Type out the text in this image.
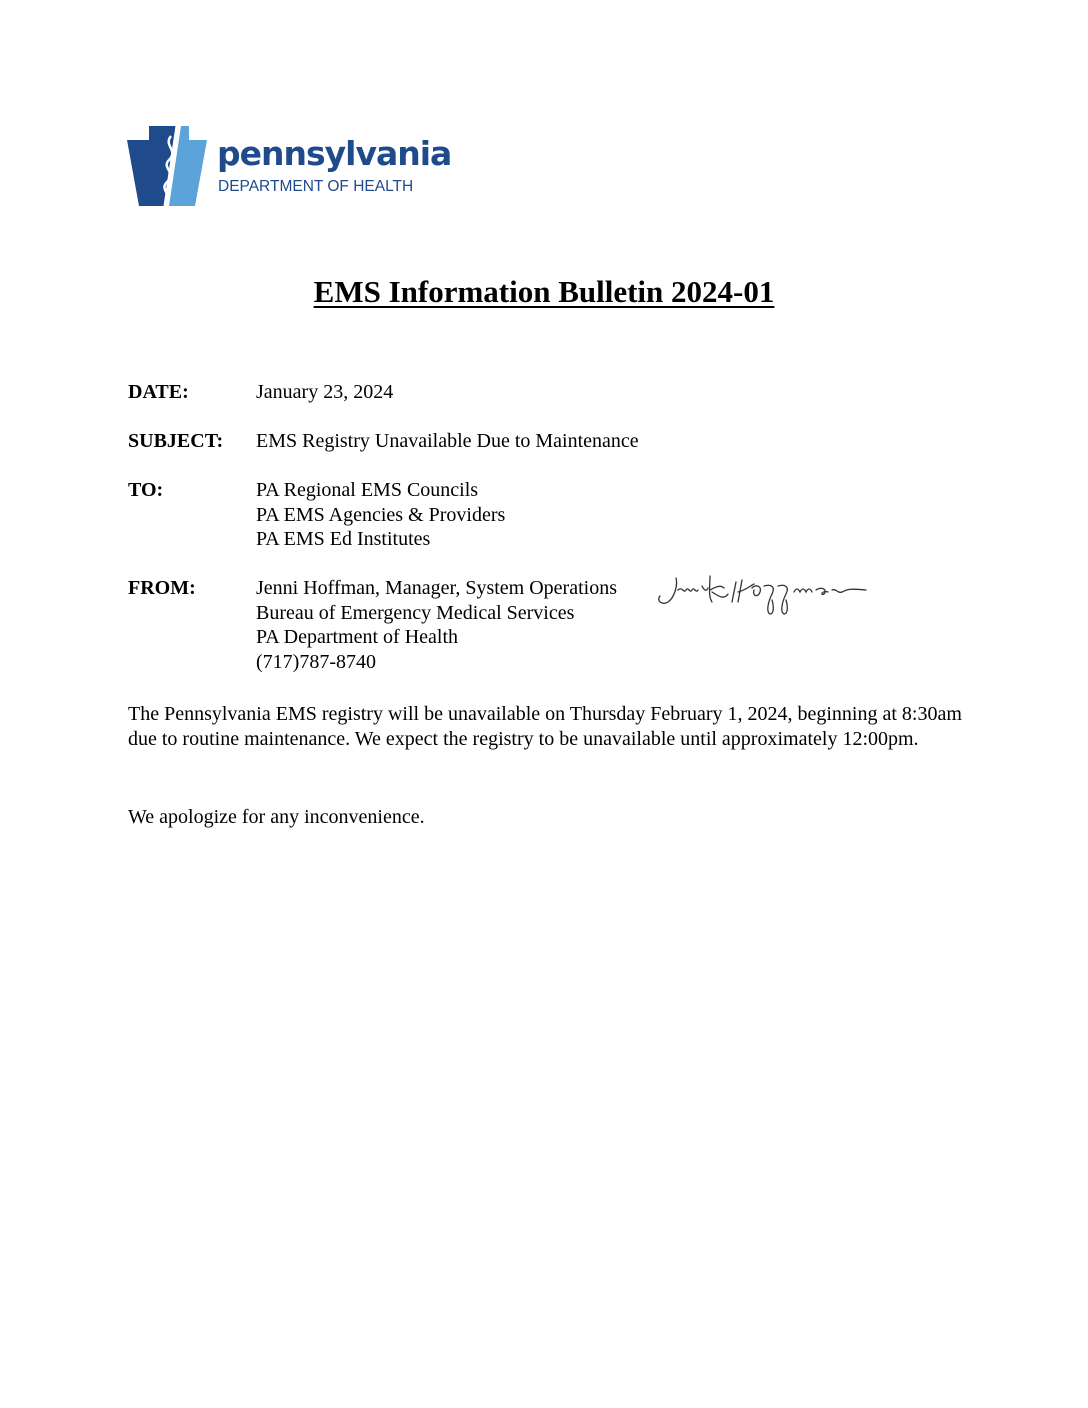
pennsylvania
DEPARTMENT OF HEALTH
EMS Information Bulletin 2024-01
DATE:	January 23, 2024
SUBJECT: EMS Registry Unavailable Due to Maintenance
TO:	PA Regional EMS Councils
PA EMS Agencies & Providers
PA EMS Ed Institutes
FROM:	Jenni Hoffman, Manager, System Operations
Bureau of Emergency Medical Services
PA Department of Health
(717)787-8740
The Pennsylvania EMS registry will be unavailable on Thursday February 1, 2024, beginning at 8:30am due to routine maintenance. We expect the registry to be unavailable until approximately 12:00pm.
We apologize for any inconvenience.
